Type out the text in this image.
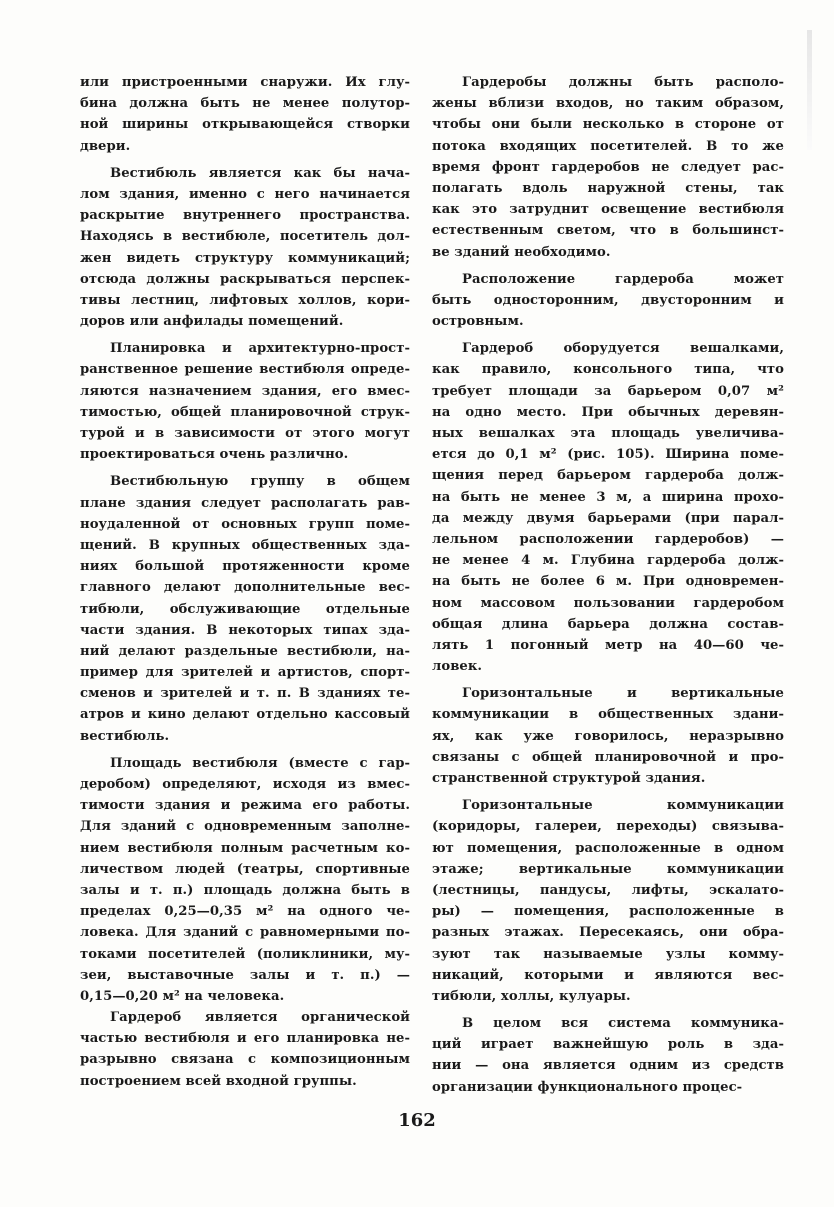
или пристроенными снаружи. Их глу-
бина должна быть не менее полутор-
ной ширины открывающейся створки
двери.
Вестибюль является как бы нача-
лом здания, именно с него начинается
раскрытие внутреннего пространства.
Находясь в вестибюле, посетитель дол-
жен видеть структуру коммуникаций;
отсюда должны раскрываться перспек-
тивы лестниц, лифтовых холлов, кори-
доров или анфилады помещений.
Планировка и архитектурно-прост-
ранственное решение вестибюля опреде-
ляются назначением здания, его вмес-
тимостью, общей планировочной струк-
турой и в зависимости от этого могут
проектироваться очень различно.
Вестибюльную группу в общем
плане здания следует располагать рав-
ноудаленной от основных групп поме-
щений. В крупных общественных зда-
ниях большой протяженности кроме
главного делают дополнительные вес-
тибюли, обслуживающие отдельные
части здания. В некоторых типах зда-
ний делают раздельные вестибюли, на-
пример для зрителей и артистов, спорт-
сменов и зрителей и т. п. В зданиях те-
атров и кино делают отдельно кассовый
вестибюль.
Площадь вестибюля (вместе с гар-
деробом) определяют, исходя из вмес-
тимости здания и режима его работы.
Для зданий с одновременным заполне-
нием вестибюля полным расчетным ко-
личеством людей (театры, спортивные
залы и т. п.) площадь должна быть в
пределах 0,25—0,35 м² на одного че-
ловека. Для зданий с равномерными по-
токами посетителей (поликлиники, му-
зеи, выставочные залы и т. п.) —
0,15—0,20 м² на человека.
Гардероб является органической
частью вестибюля и его планировка не-
разрывно связана с композиционным
построением всей входной группы.
Гардеробы должны быть располо-
жены вблизи входов, но таким образом,
чтобы они были несколько в стороне от
потока входящих посетителей. В то же
время фронт гардеробов не следует рас-
полагать вдоль наружной стены, так
как это затруднит освещение вестибюля
естественным светом, что в большинст-
ве зданий необходимо.
Расположение гардероба может
быть односторонним, двусторонним и
островным.
Гардероб оборудуется вешалками,
как правило, консольного типа, что
требует площади за барьером 0,07 м²
на одно место. При обычных деревян-
ных вешалках эта площадь увеличива-
ется до 0,1 м² (рис. 105). Ширина поме-
щения перед барьером гардероба долж-
на быть не менее 3 м, а ширина прохо-
да между двумя барьерами (при парал-
лельном расположении гардеробов) —
не менее 4 м. Глубина гардероба долж-
на быть не более 6 м. При одновремен-
ном массовом пользовании гардеробом
общая длина барьера должна состав-
лять 1 погонный метр на 40—60 че-
ловек.
Горизонтальные и вертикальные
коммуникации в общественных здани-
ях, как уже говорилось, неразрывно
связаны с общей планировочной и про-
странственной структурой здания.
Горизонтальные коммуникации
(коридоры, галереи, переходы) связыва-
ют помещения, расположенные в одном
этаже; вертикальные коммуникации
(лестницы, пандусы, лифты, эскалато-
ры) — помещения, расположенные в
разных этажах. Пересекаясь, они обра-
зуют так называемые узлы комму-
никаций, которыми и являются вес-
тибюли, холлы, кулуары.
В целом вся система коммуника-
ций играет важнейшую роль в зда-
нии — она является одним из средств
организации функционального процес-
162
